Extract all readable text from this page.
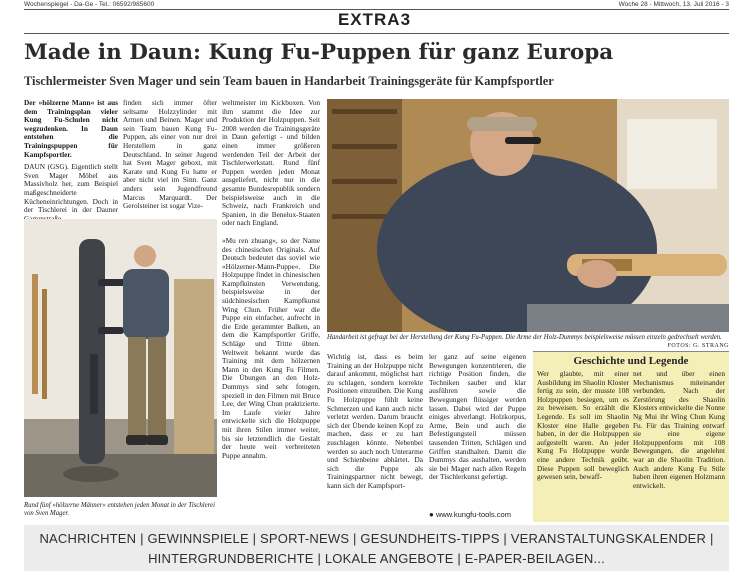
Wochenspiegel - Da-Ge - Tel.: 06592/985600	Woche 28 - Mittwoch, 13. Juli 2016 - 3
EXTRA3
Made in Daun: Kung Fu-Puppen für ganz Europa
Tischlermeister Sven Mager und sein Team bauen in Handarbeit Trainingsgeräte für Kampfsportler

Der »hölzerne Mann« ist aus dem Trainingsplan vieler Kung Fu-Schulen nicht wegzudenken. In Daun entstehen die Trainingspuppen für Kampfsportler.

DAUN (GSG). Eigentlich stellt Sven Mager Möbel aus Massivholz her, zum Beispiel maßgeschneiderte Kücheneinrichtungen. Doch in der Tischlerei in der Dauner

finden sich immer öfter seltsame Holzzylinder mit Armen und Beinen. Mager und sein Team bauen Kung Fu-Puppen, als einer von nur drei Herstellern in ganz Deutschland. In seiner Jugend hat Sven Mager geboxt, mit Karate und Kung Fu hatte er aber nicht viel im Sinn. Ganz anders sein Jugendfreund Marcus Marquardt. Der Gerolsteiner ist sogar Vize-

weltmeister im Kickboxen. Von ihm stammt die Idee zur Produktion der Holzpuppen. Seit 2008 werden die Trainingsgeräte in Daun gefertigt - und bilden einen immer größeren werdenden Teil der Arbeit der Tischlerwerkstatt. Rund fünf Puppen werden jeden Monat ausgeliefert, nicht nur in die gesamte Bundesrepublik sondern beispielsweise auch in die Schweiz, nach Frankreich und Spanien, in die Benelux-Staaten oder nach England.

»Mu ren zhuang«, so der Name des chinesischen Originals. Auf Deutsch bedeutet das soviel wie »Hölzerner-Mann-Puppe«. Die Holzpuppe findet in chinesischen Kampfkünsten Verwendung, beispielsweise in der südchinesischen Kampfkunst Wing Chun. Früher war die Puppe ein einfacher, aufrecht in die Erde gerammter Balken, an dem die Kampfsportler Griffe, Schläge und Tritte übten. Weltweit bekannt wurde das Training mit dem hölzernen Mann in den Kung Fu Filmen. Die Übungen an den Holz-Dummys sind sehr fotogen, speziell in den Filmen mit Bruce Lee, der Wing Chun praktizierte. Im Laufe vieler Jahre entwickelte sich die Holzpuppe mit ihren Stilen immer weiter, bis sie letztendlich die Gestalt der heute weit verbreiteten Puppe annahm.

Rund fünf »hölzerne Männer« entstehen jeden Monat in der Tischlerei von Sven Mager.
Handarbeit ist gefragt bei der Herstellung der Kung Fu-Puppen. Die Arme der Holz-Dummys beispielsweise müssen einzeln gedrechselt werden.
FOTOS: G. STRANG

Wichtig ist, dass es beim Training an der Holzpuppe nicht darauf ankommt, möglichst hart zu schlagen, sondern korrekte Positionen einzuüben. Die Kung Fu Holzpuppe fühlt keine Schmerzen und kann auch nicht verletzt werden. Darum braucht sich der Übende keinen Kopf zu machen, dass er zu hart zuschlagen könnte. Nebenbei werden so auch noch Unterarme und Schienbeine abhärtet. Da sich die Puppe als Trainingspartner nicht bewegt, kann sich der Kampfsport-

ler ganz auf seine eigenen Bewegungen konzentrieren, die richtige Position finden, die Techniken sauber und klar ausführen sowie die Bewegungen flüssiger werden lassen. Dabei wird der Puppe einiges abverlangt. Holzkorpus, Arme, Bein und auch die Befestigungsteil müssen tausenden Tritten, Schlägen und Griffen standhalten. Damit die Dummys das aushalten, werden sie bei Mager nach allen Regeln der Tischlerkunst gefertigt.

● www.kungfu-tools.com
Geschichte und Legende

Wer glaubte, mit einer Ausbildung im Shaolin Kloster fertig zu sein, der musste 108 Holzpuppen besiegen, um es zu beweisen. So erzählt die Legende. Es soll im Shaolin Kloster eine Halle gegeben haben, in der die Holzpuppen aufgestellt waren. An jeder Kung Fu Holzpuppe wurde eine andere Technik geübt. Diese Puppen soll beweglich gewesen sein, bewaff-

net und über einen Mechanismus miteinander verbunden. Nach der Zerstörung des Shaolin Klosters entwickelte die Nonne Ng Mui ihr Wing Chun Kung Fu. Für das Training entwarf sie eine eigene Holzpuppenform mit 108 Bewegungen, die angelehnt war an die Shaolin Tradition. Auch andere Kung Fu Stile haben ihren eigenen Holzmann entwickelt.

NACHRICHTEN | GEWINNSPIELE | SPORT-NEWS | GESUNDHEITS-TIPPS | VERANSTALTUNGSKALENDER |
HINTERGRUNDBERICHTE | LOKALE ANGEBOTE | E-PAPER-BEILAGEN...
